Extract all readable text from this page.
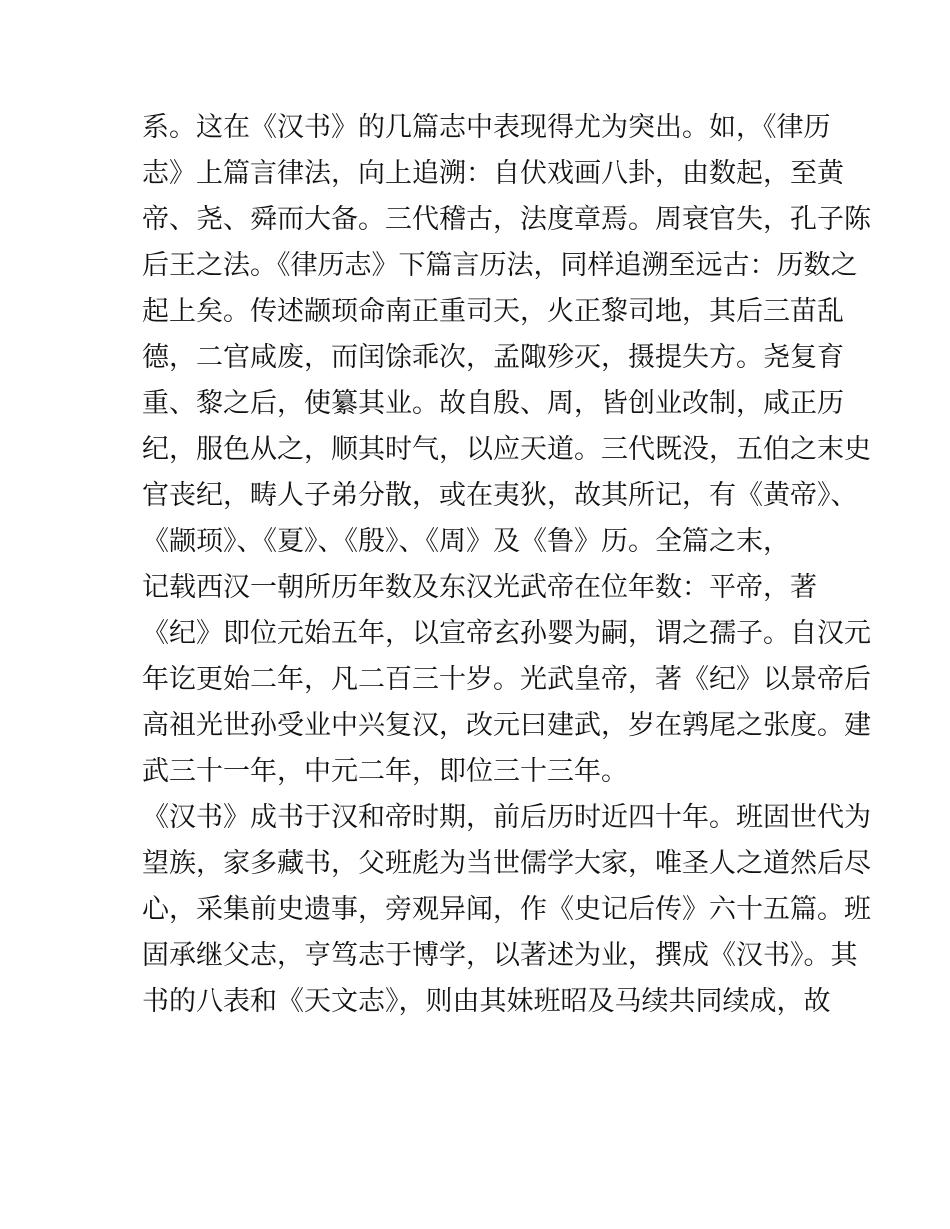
系。这在《汉书》的几篇志中表现得尤为突出。如，《律历
志》上篇言律法，向上追溯：自伏戏画八卦，由数起，至黄
帝、尧、舜而大备。三代稽古，法度章焉。周衰官失，孔子陈
后王之法。《律历志》下篇言历法，同样追溯至远古：历数之
起上矣。传述颛顼命南正重司天，火正黎司地，其后三苗乱
德，二官咸废，而闰馀乖次，孟陬殄灭，摄提失方。尧复育
重、黎之后，使纂其业。故自殷、周，皆创业改制，咸正历
纪，服色从之，顺其时气，以应天道。三代既没，五伯之末史
官丧纪，畴人子弟分散，或在夷狄，故其所记，有《黄帝》、
《颛顼》、《夏》、《殷》、《周》及《鲁》历。全篇之末，
记载西汉一朝所历年数及东汉光武帝在位年数：平帝，著
《纪》即位元始五年，以宣帝玄孙婴为嗣，谓之孺子。自汉元
年讫更始二年，凡二百三十岁。光武皇帝，著《纪》以景帝后
高祖光世孙受业中兴复汉，改元曰建武，岁在鹑尾之张度。建
武三十一年，中元二年，即位三十三年。
《汉书》成书于汉和帝时期，前后历时近四十年。班固世代为
望族，家多藏书，父班彪为当世儒学大家，唯圣人之道然后尽
心，采集前史遗事，旁观异闻，作《史记后传》六十五篇。班
固承继父志，亨笃志于博学，以著述为业，撰成《汉书》。其
书的八表和《天文志》，则由其妹班昭及马续共同续成，故
